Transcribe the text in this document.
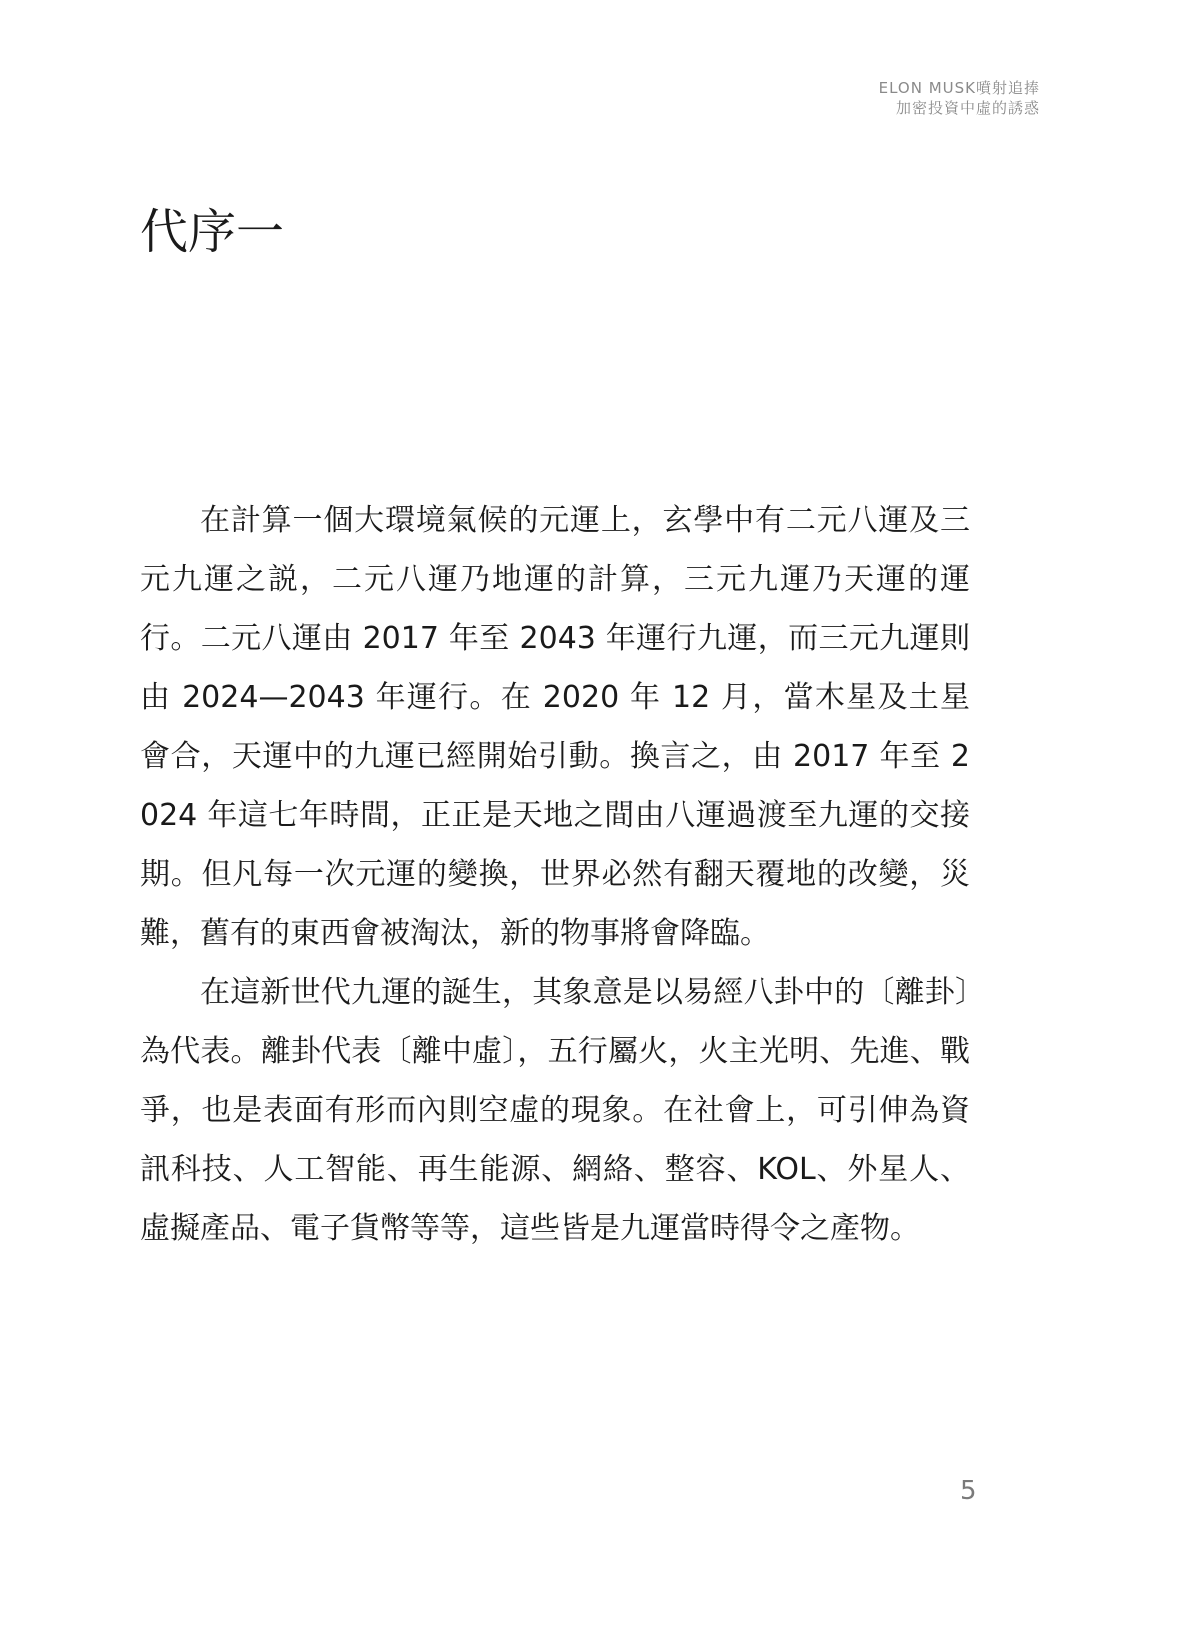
ELON MUSK噴射追捧
加密投資中虛的誘惑
代序一

在計算一個大環境氣候的元運上，玄學中有二元八運及三元九運之説，二元八運乃地運的計算，三元九運乃天運的運行。二元八運由 2017 年至 2043 年運行九運，而三元九運則由 2024—2043 年運行。在 2020 年 12 月，當木星及土星會合，天運中的九運已經開始引動。換言之，由 2017 年至 2024 年這七年時間，正正是天地之間由八運過渡至九運的交接期。但凡每一次元運的變換，世界必然有翻天覆地的改變，災難，舊有的東西會被淘汰，新的物事將會降臨。

在這新世代九運的誕生，其象意是以易經八卦中的〔離卦〕為代表。離卦代表〔離中虛〕，五行屬火，火主光明、先進、戰爭，也是表面有形而內則空虛的現象。在社會上，可引伸為資訊科技、人工智能、再生能源、網絡、整容、KOL、外星人、虛擬產品、電子貨幣等等，這些皆是九運當時得令之產物。

5
